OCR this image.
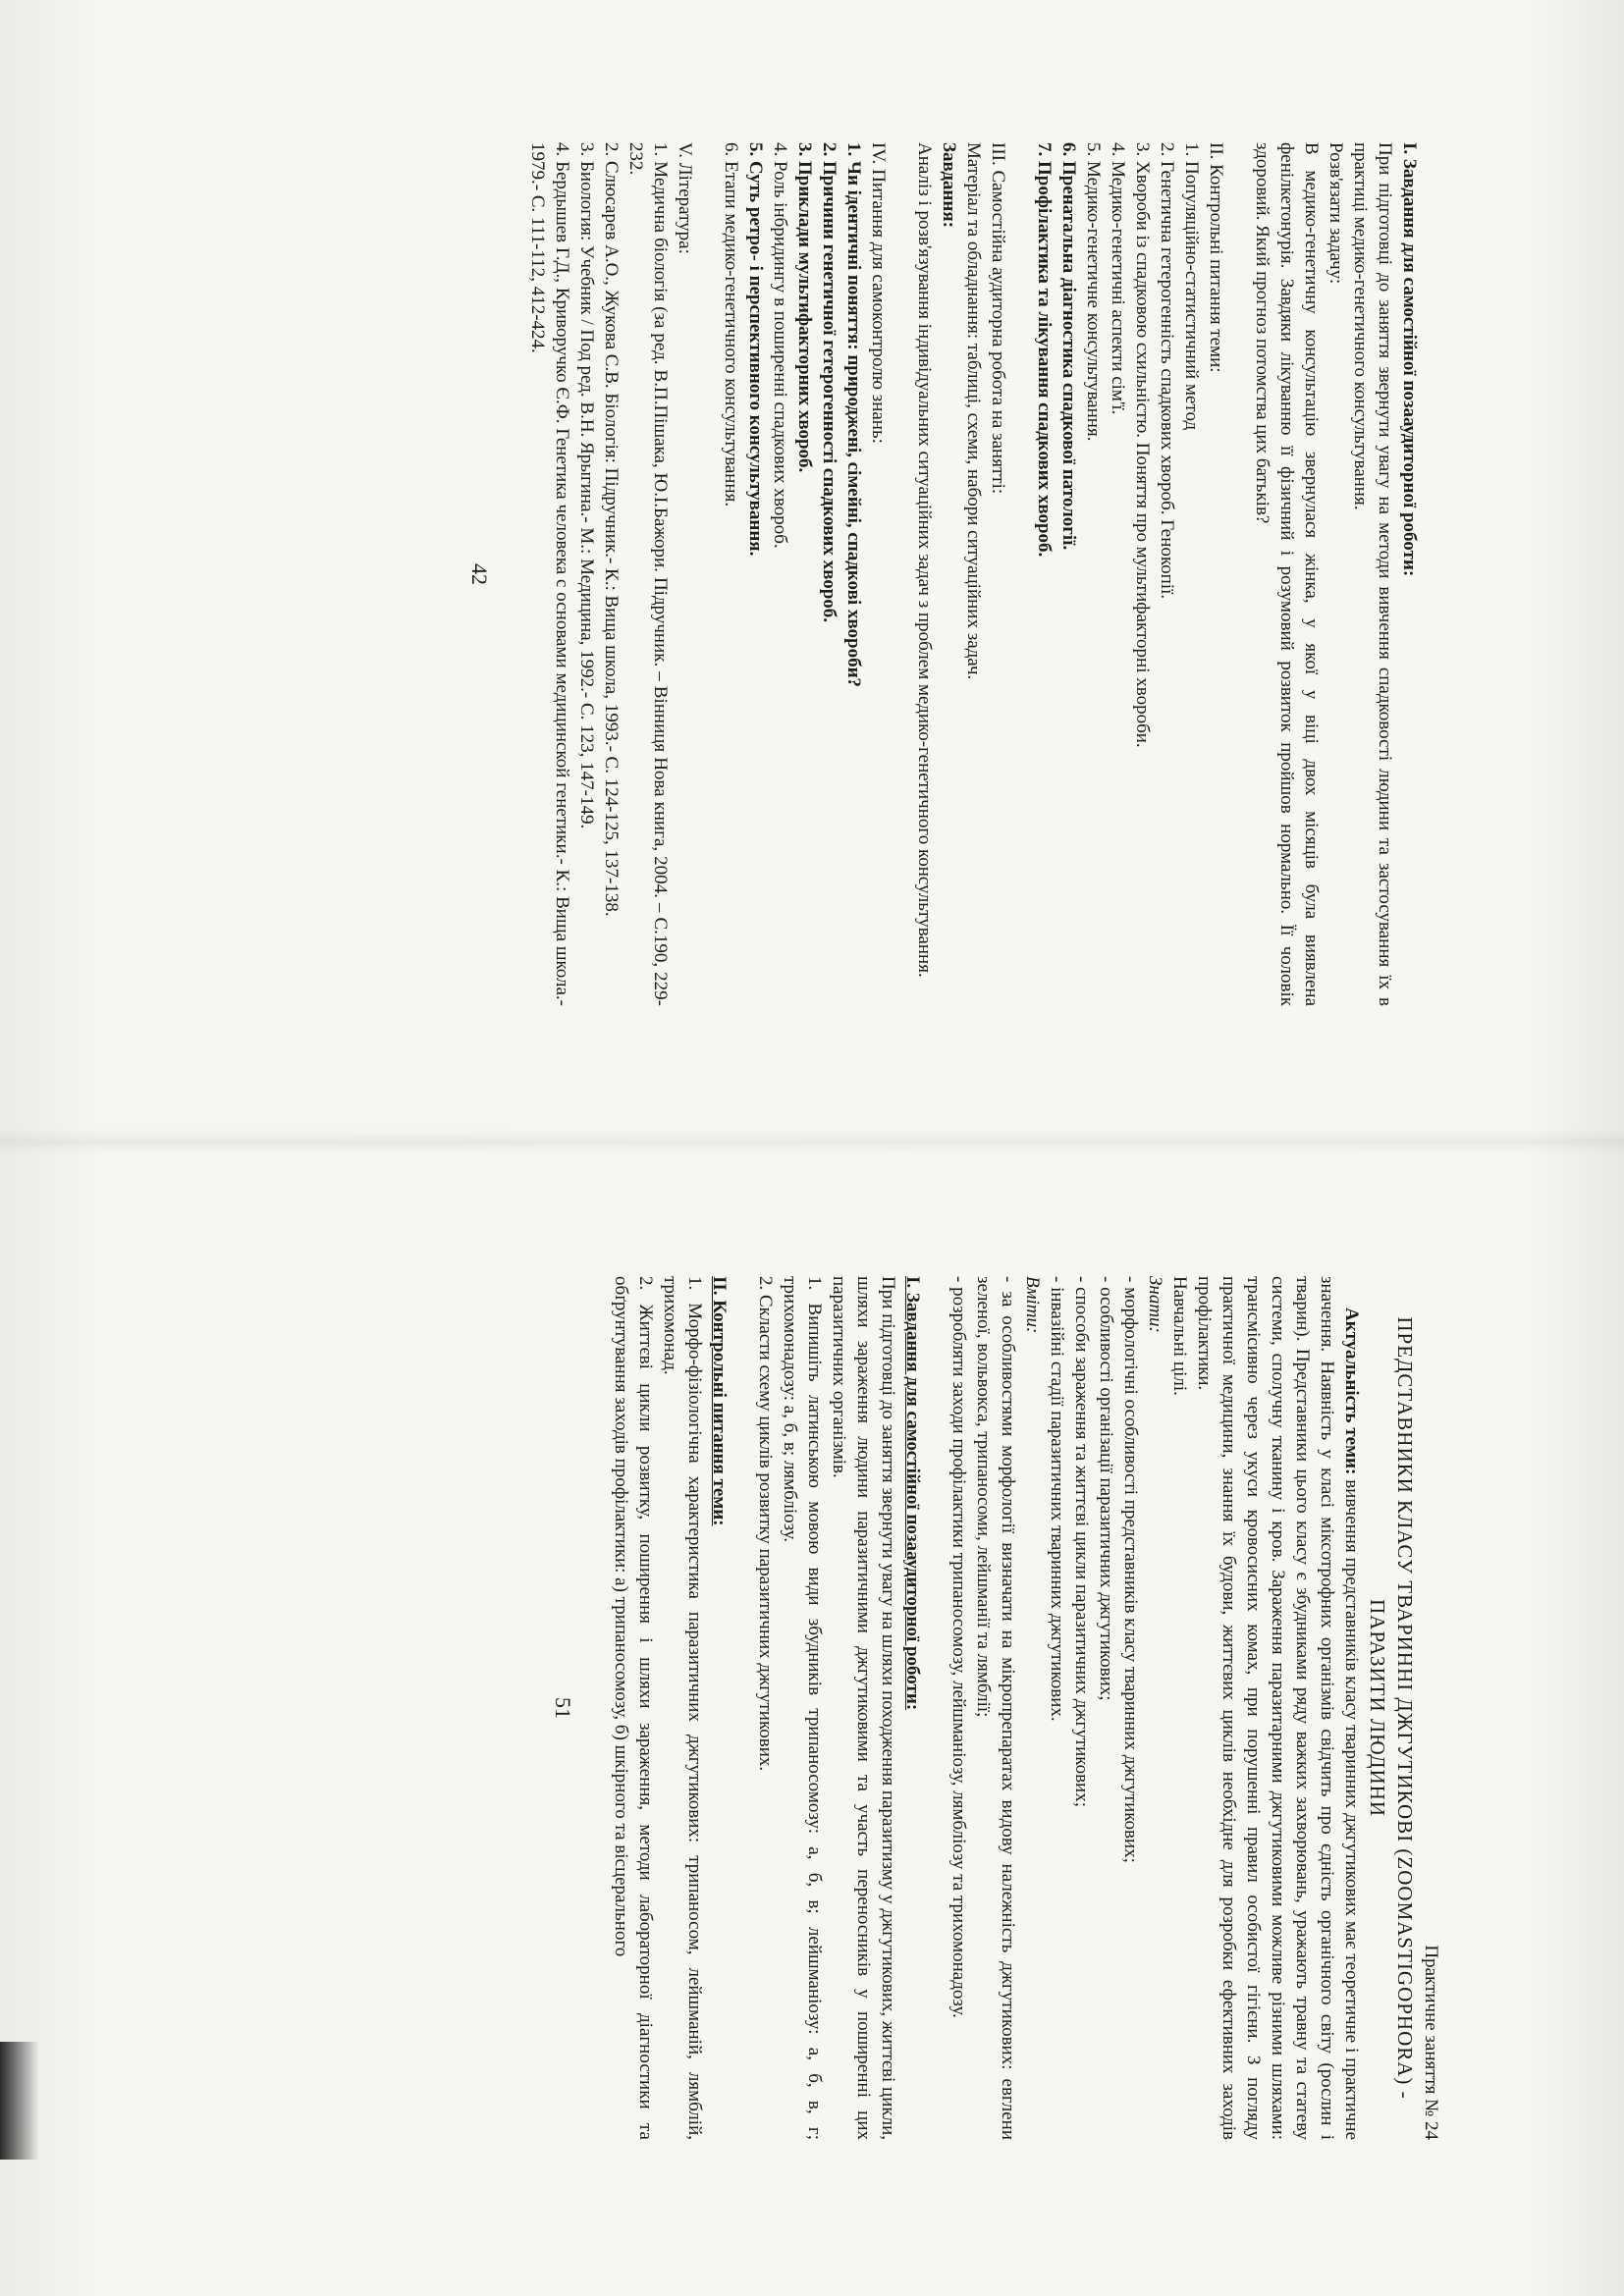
I. Завдання для самостійної позааудиторної роботи:

При підготовці до заняття звернути увагу на методи вивчення спадковості людини та застосування їх в практиці медико-генетичного консультування.

Розв'язати задачу:

В медико-генетичну консультацію звернулася жінка, у якої у віці двох місяців була виявлена фенілкетонурія. Завдяки лікуванню її фізичний і розумовий розвиток пройшов нормально. Її чоловік здоровий. Який прогноз потомства цих батьків?

II. Контрольні питання теми:

1. Популяційно-статистичний метод
2. Генетична гетерогенність спадкових хвороб. Генокопії.
3. Хвороби із спадковою схильністю. Поняття про мультифакторні хвороби.
4. Медико-генетичні аспекти сім'ї.
5. Медико-генетичне консультування.
6. Пренатальна діагностика спадкової патології.
7. Профілактика та лікування спадкових хвороб.

III. Самостійна аудиторна робота на занятті:

Матеріал та обладнання: таблиці, схеми, набори ситуаційних задач.

Завдання:

Аналіз і розв'язування індивідуальних ситуаційних задач з проблем медико-генетичного консультування.

IV. Питання для самоконтролю знань:

1. Чи ідентичні поняття: природжені, сімейні, спадкові хвороби?
2. Причини генетичної гетерогенності спадкових хвороб.
3. Приклади мультифакторних хвороб.
4. Роль інбридингу в поширенні спадкових хвороб.
5. Суть ретро- і перспективного консультування.
6. Етапи медико-генетичного консультування.

V. Література:

1. Медична біологія (за ред. В.П.Пішака, Ю.І.Бажори. Підручник. – Вінниця Нова книга, 2004. – С.190, 229-232.
2. Слюсарев А.О., Жукова С.В. Біологія: Підручник.- К.: Вища школа, 1993.- С. 124-125, 137-138.
3. Биология: Учебник / Под ред. В.Н. Ярыгина.- М.: Медицина, 1992.- С. 123, 147-149.
4. Бердышев Г.Д., Криворучко Є.Ф. Генетика человека с основами медицинской генетики.- К.: Вища школа.- 1979.- С. 111-112, 412-424.
42

Практичне заняття № 24

ПРЕДСТАВНИКИ КЛАСУ ТВАРИННІ ДЖГУТИКОВІ (ZOOMASTIGOPHORA) - ПАРАЗИТИ ЛЮДИНИ

Актуальність теми: вивчення представників класу тваринних джгутикових має теоретичне і практичне значення. Наявність у класі міксотрофних організмів свідчить про єдність органічного світу (рослин і тварин). Представники цього класу є збудниками ряду важких захворювань, уражають травну та статеву системи, сполучну тканину і кров. Зараження паразитарними джгутиковими можливе різними шляхами: трансмісивно через укуси кровосисних комах, при порушенні правил особистої гігієни. З погляду практичної медицини, знання їх будови, життєвих циклів необхідне для розробки ефективних заходів профілактики.

Навчальні цілі.

Знати:

- морфологічні особливості представників класу тваринних джгутикових;
- особливості організації паразитичних джгутикових;
- способи зараження та життєві цикли паразитичних джгутикових;
- інвазійні стадії паразитичних тваринних джгутикових.

Вміти:

- за особливостями морфології визначати на мікропрепаратах видову належність джгутикових: евглени зеленої, вольвокса, трипаносоми, лейшманії та лямблії;
- розробляти заходи профілактики трипаносомозу, лейшманіозу, лямбліозу та трихомонадозу.

I. Завдання для самостійної позааудиторної роботи:

При підготовці до заняття звернути увагу на шляхи походження паразитизму у джгутикових, життєві цикли, шляхи зараження людини паразитичними джгутиковими та участь переносників у поширенні цих паразитичних організмів.

1. Випишіть латинською мовою види збудників трипаносомозу: а, б, в; лейшманіозу: а, б, в, г; трихомонадозу: а, б, в; лямбліозу.
2. Скласти схему циклів розвитку паразитичних джгутикових.

II. Контрольні питання теми:

1. Морфо-фізіологічна характеристика паразитичних джгутикових: трипаносом, лейшманій, лямблій, трихомонад.
2. Життєві цикли розвитку, поширення і шляхи зараження, методи лабораторної діагностики та обґрунтування заходів профілактики: а) трипаносомозу, б) шкірного та вісцерального
51
